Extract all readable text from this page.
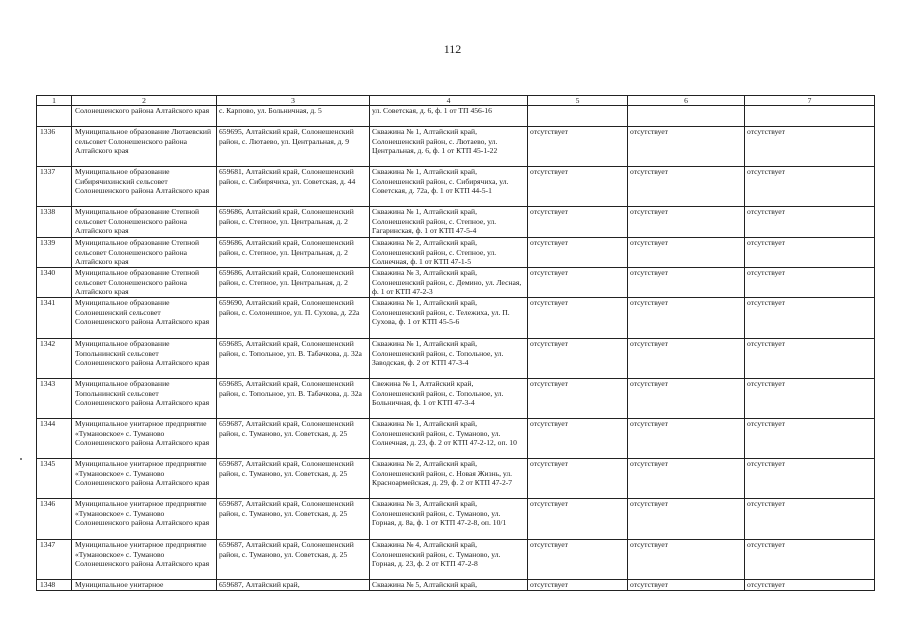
112
1	2	3	4	5	6	7
	Солонешенского района Алтайского края	с. Карпово, ул. Больничная, д. 5	ул. Советская, д. 6, ф. 1 от ТП 456-16			
1336	Муниципальное образование Лютаевский сельсовет Солонешенского района Алтайского края	659695, Алтайский край, Солонешенский район, с. Лютаево, ул. Центральная, д. 9	Скважина № 1, Алтайский край, Солонешенский район, с. Лютаево, ул. Центральная, д. 6, ф. 1 от КТП 45-1-22	отсутствует	отсутствует	отсутствует
1337	Муниципальное образование Сибирячихинский сельсовет Солонешенского района Алтайского края	659681, Алтайский край, Солонешенский район, с. Сибирячиха, ул. Советская, д. 44	Скважина № 1, Алтайский край, Солонешенский район, с. Сибирячиха, ул. Советская, д. 72а, ф. 1 от КТП 44-5-1	отсутствует	отсутствует	отсутствует
1338	Муниципальное образование Степной сельсовет Солонешенского района Алтайского края	659686, Алтайский край, Солонешенский район, с. Степное, ул. Центральная, д. 2	Скважина № 1, Алтайский край, Солонешенский район, с. Степное, ул. Гагаринская, ф. 1 от КТП 47-5-4	отсутствует	отсутствует	отсутствует
1339	Муниципальное образование Степной сельсовет Солонешенского района Алтайского края	659686, Алтайский край, Солонешенский район, с. Степное, ул. Центральная, д. 2	Скважина № 2, Алтайский край, Солонешенский район, с. Степное, ул. Солнечная, ф. 1 от КТП 47-1-5	отсутствует	отсутствует	отсутствует
1340	Муниципальное образование Степной сельсовет Солонешенского района Алтайского края	659686, Алтайский край, Солонешенский район, с. Степное, ул. Центральная, д. 2	Скважина № 3, Алтайский край, Солонешенский район, с. Демино, ул. Лесная, ф. 1 от КТП 47-2-3	отсутствует	отсутствует	отсутствует
1341	Муниципальное образование Солонешенский сельсовет Солонешенского района Алтайского края	659690, Алтайский край, Солонешенский район, с. Солонешное, ул. П. Сухова, д. 22а	Скважина № 1, Алтайский край, Солонешенский район, с. Тележиха, ул. П. Сухова, ф. 1 от КТП 45-5-6	отсутствует	отсутствует	отсутствует
1342	Муниципальное образование Топольнинский сельсовет Солонешенского района Алтайского края	659685, Алтайский край, Солонешенский район, с. Топольное, ул. В. Табачкова, д. 32а	Скважина № 1, Алтайский край, Солонешенский район, с. Топольное, ул. Заводская, ф. 2 от КТП 47-3-4	отсутствует	отсутствует	отсутствует
1343	Муниципальное образование Топольнинский сельсовет Солонешенского района Алтайского края	659685, Алтайский край, Солонешенский район, с. Топольное, ул. В. Табачкова, д. 32а	Свежина № 1, Алтайский край, Солонешенский район, с. Топольное, ул. Больничная, ф. 1 от КТП 47-3-4	отсутствует	отсутствует	отсутствует
1344	Муниципальное унитарное предприятие «Тумановское» с. Туманово Солонешенского района Алтайского края	659687, Алтайский край, Солонешенский район, с. Туманово, ул. Советская, д. 25	Скважина № 1, Алтайский край, Солонешенский район, с. Туманово, ул. Солнечная, д. 23, ф. 2 от КТП 47-2-12, оп. 10	отсутствует	отсутствует	отсутствует
1345	Муниципальное унитарное предприятие «Тумановское» с. Туманово Солонешенского района Алтайского края	659687, Алтайский край, Солонешенский район, с. Туманово, ул. Советская, д. 25	Скважина № 2, Алтайский край, Солонешенский район, с. Новая Жизнь, ул. Красноармейская, д. 29, ф. 2 от КТП 47-2-7	отсутствует	отсутствует	отсутствует
1346	Муниципальное унитарное предприятие «Тумановское» с. Туманово Солонешенского района Алтайского края	659687, Алтайский край, Солонешенский район, с. Туманово, ул. Советская, д. 25	Скважина № 3, Алтайский край, Солонешенский район, с. Туманово, ул. Горная, д. 8а, ф. 1 от КТП 47-2-8, оп. 10/1	отсутствует	отсутствует	отсутствует
1347	Муниципальное унитарное предприятие «Тумановское» с. Туманово Солонешенского района Алтайского края	659687, Алтайский край, Солонешенский район, с. Туманово, ул. Советская, д. 25	Скважина № 4, Алтайский край, Солонешенский район, с. Туманово, ул. Горная, д. 23, ф. 2 от КТП 47-2-8	отсутствует	отсутствует	отсутствует
1348	Муниципальное унитарное	659687, Алтайский край,	Скважина № 5, Алтайский край,	отсутствует	отсутствует	отсутствует
